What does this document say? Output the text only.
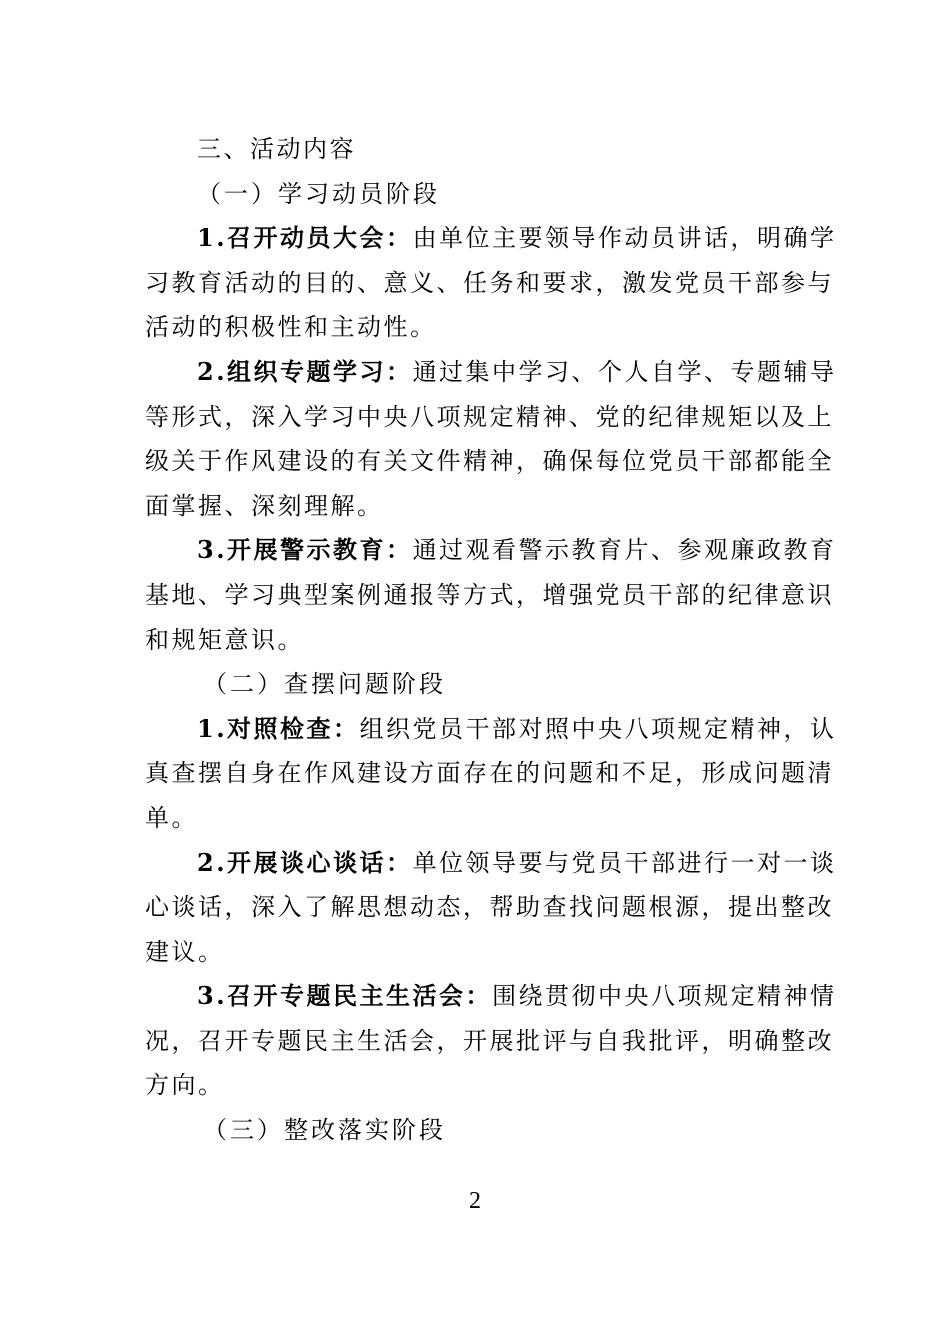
三、活动内容

（一）学习动员阶段

1.召开动员大会：由单位主要领导作动员讲话，明确学

习教育活动的目的、意义、任务和要求，激发党员干部参与

活动的积极性和主动性。

2.组织专题学习：通过集中学习、个人自学、专题辅导

等形式，深入学习中央八项规定精神、党的纪律规矩以及上

级关于作风建设的有关文件精神，确保每位党员干部都能全

面掌握、深刻理解。

3.开展警示教育：通过观看警示教育片、参观廉政教育

基地、学习典型案例通报等方式，增强党员干部的纪律意识

和规矩意识。

（二）查摆问题阶段

1.对照检查：组织党员干部对照中央八项规定精神，认

真查摆自身在作风建设方面存在的问题和不足，形成问题清

单。

2.开展谈心谈话：单位领导要与党员干部进行一对一谈

心谈话，深入了解思想动态，帮助查找问题根源，提出整改

建议。

3.召开专题民主生活会：围绕贯彻中央八项规定精神情

况，召开专题民主生活会，开展批评与自我批评，明确整改

方向。

（三）整改落实阶段

2
